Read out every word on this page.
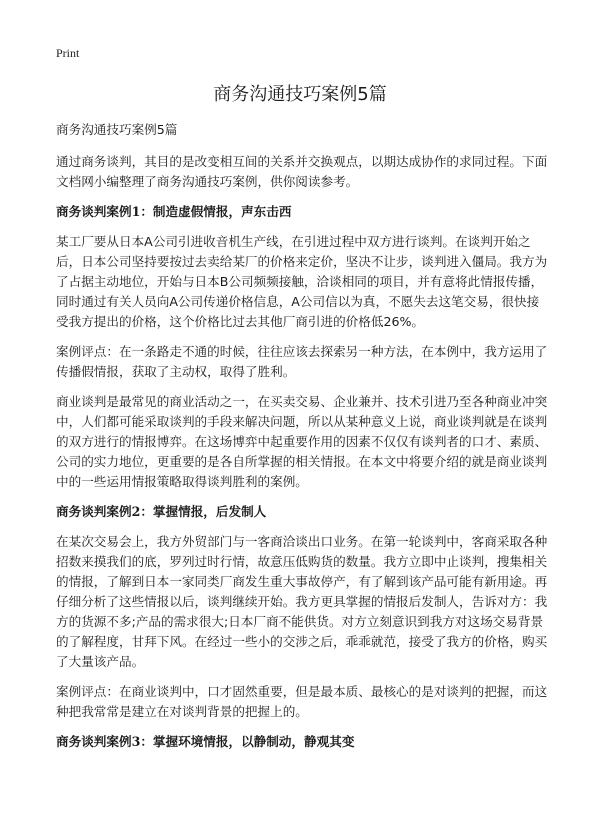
Print
商务沟通技巧案例5篇

商务沟通技巧案例5篇

通过商务谈判，其目的是改变相互间的关系并交换观点，以期达成协作的求同过程。下面文档网小编整理了商务沟通技巧案例，供你阅读参考。

商务谈判案例1：制造虚假情报，声东击西

某工厂要从日本A公司引进收音机生产线，在引进过程中双方进行谈判。在谈判开始之后，日本公司坚持要按过去卖给某厂的价格来定价，坚决不让步，谈判进入僵局。我方为了占据主动地位，开始与日本B公司频频接触，洽谈相同的项目，并有意将此情报传播，同时通过有关人员向A公司传递价格信息，A公司信以为真，不愿失去这笔交易，很快接受我方提出的价格，这个价格比过去其他厂商引进的价格低26%。

案例评点：在一条路走不通的时候，往往应该去探索另一种方法，在本例中，我方运用了传播假情报，获取了主动权，取得了胜利。

商业谈判是最常见的商业活动之一，在买卖交易、企业兼并、技术引进乃至各种商业冲突中，人们都可能采取谈判的手段来解决问题，所以从某种意义上说，商业谈判就是在谈判的双方进行的情报博弈。在这场博弈中起重要作用的因素不仅仅有谈判者的口才、素质、公司的实力地位，更重要的是各自所掌握的相关情报。在本文中将要介绍的就是商业谈判中的一些运用情报策略取得谈判胜利的案例。

商务谈判案例2：掌握情报，后发制人

在某次交易会上，我方外贸部门与一客商洽谈出口业务。在第一轮谈判中，客商采取各种招数来摸我们的底，罗列过时行情，故意压低购货的数量。我方立即中止谈判，搜集相关的情报，了解到日本一家同类厂商发生重大事故停产，有了解到该产品可能有新用途。再仔细分析了这些情报以后，谈判继续开始。我方更具掌握的情报后发制人，告诉对方：我方的货源不多;产品的需求很大;日本厂商不能供货。对方立刻意识到我方对这场交易背景的了解程度，甘拜下风。在经过一些小的交涉之后，乖乖就范，接受了我方的价格，购买了大量该产品。

案例评点：在商业谈判中，口才固然重要，但是最本质、最核心的是对谈判的把握，而这种把我常常是建立在对谈判背景的把握上的。

商务谈判案例3：掌握环境情报，以静制动，静观其变
